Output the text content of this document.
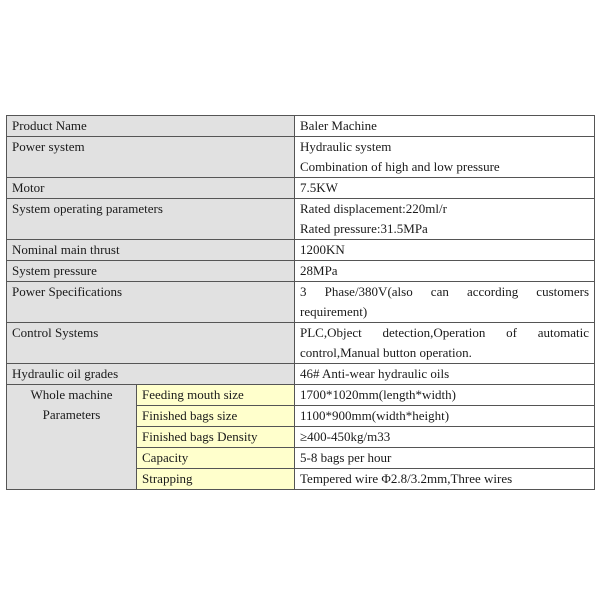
Product Name		Baler Machine

Power system		Hydraulic system
Combination of high and low pressure

Motor		7.5KW

System operating parameters		Rated displacement:220ml/r
Rated pressure:31.5MPa

Nominal main thrust		1200KN

System pressure		28MPa

Power Specifications		3 Phase/380V(also can according customers requirement)
Control Systems		PLC,Object detection,Operation of automatic control,Manual button operation.
Hydraulic oil grades		46# Anti-wear hydraulic oils

Whole machine
Parameters	Feeding mouth size	1700*1020mm(length*width)
	Finished bags size	1100*900mm(width*height)
	Finished bags Density	≥400-450kg/m33
	Capacity	5-8 bags per hour
	Strapping	Tempered wire Φ2.8/3.2mm,Three wires
